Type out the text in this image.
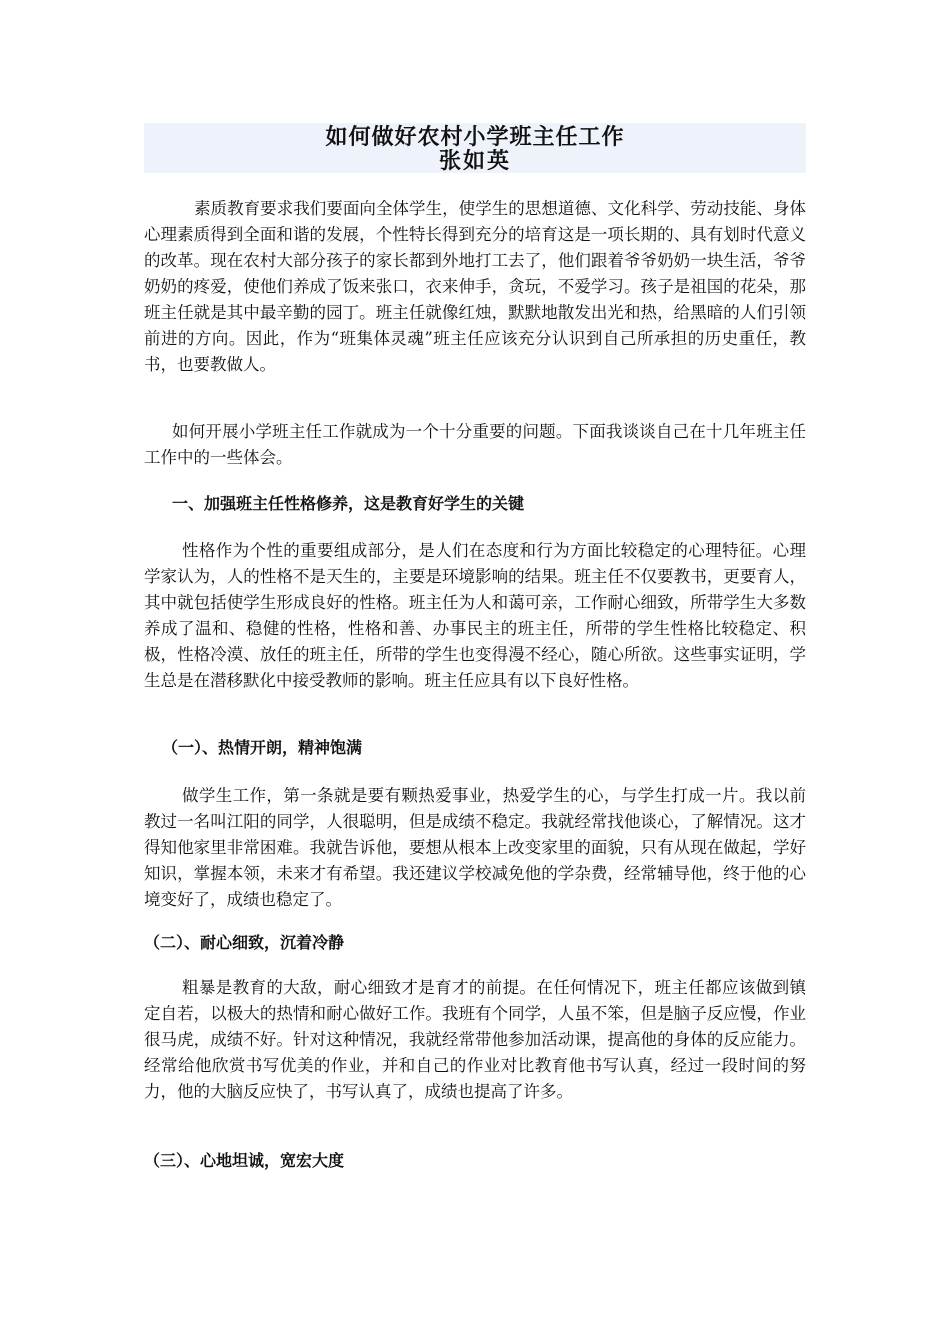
如何做好农村小学班主任工作
张如英

素质教育要求我们要面向全体学生，使学生的思想道德、文化科学、劳动技能、身体心理素质得到全面和谐的发展，个性特长得到充分的培育这是一项长期的、具有划时代意义的改革。现在农村大部分孩子的家长都到外地打工去了，他们跟着爷爷奶奶一块生活，爷爷奶奶的疼爱，使他们养成了饭来张口，衣来伸手，贪玩，不爱学习。孩子是祖国的花朵，那班主任就是其中最辛勤的园丁。班主任就像红烛，默默地散发出光和热，给黑暗的人们引领前进的方向。因此，作为“班集体灵魂”班主任应该充分认识到自己所承担的历史重任，教书，也要教做人。

如何开展小学班主任工作就成为一个十分重要的问题。下面我谈谈自己在十几年班主任工作中的一些体会。

一、加强班主任性格修养，这是教育好学生的关键

性格作为个性的重要组成部分，是人们在态度和行为方面比较稳定的心理特征。心理学家认为，人的性格不是天生的，主要是环境影响的结果。班主任不仅要教书，更要育人，其中就包括使学生形成良好的性格。班主任为人和蔼可亲，工作耐心细致，所带学生大多数养成了温和、稳健的性格，性格和善、办事民主的班主任，所带的学生性格比较稳定、积极，性格冷漠、放任的班主任，所带的学生也变得漫不经心，随心所欲。这些事实证明，学生总是在潜移默化中接受教师的影响。班主任应具有以下良好性格。

（一）、热情开朗，精神饱满

做学生工作，第一条就是要有颗热爱事业，热爱学生的心，与学生打成一片。我以前教过一名叫江阳的同学，人很聪明，但是成绩不稳定。我就经常找他谈心，了解情况。这才得知他家里非常困难。我就告诉他，要想从根本上改变家里的面貌，只有从现在做起，学好知识，掌握本领，未来才有希望。我还建议学校减免他的学杂费，经常辅导他，终于他的心境变好了，成绩也稳定了。

（二）、耐心细致，沉着冷静

粗暴是教育的大敌，耐心细致才是育才的前提。在任何情况下，班主任都应该做到镇定自若，以极大的热情和耐心做好工作。我班有个同学，人虽不笨，但是脑子反应慢，作业很马虎，成绩不好。针对这种情况，我就经常带他参加活动课，提高他的身体的反应能力。经常给他欣赏书写优美的作业，并和自己的作业对比教育他书写认真，经过一段时间的努力，他的大脑反应快了，书写认真了，成绩也提高了许多。

（三）、心地坦诚，宽宏大度
